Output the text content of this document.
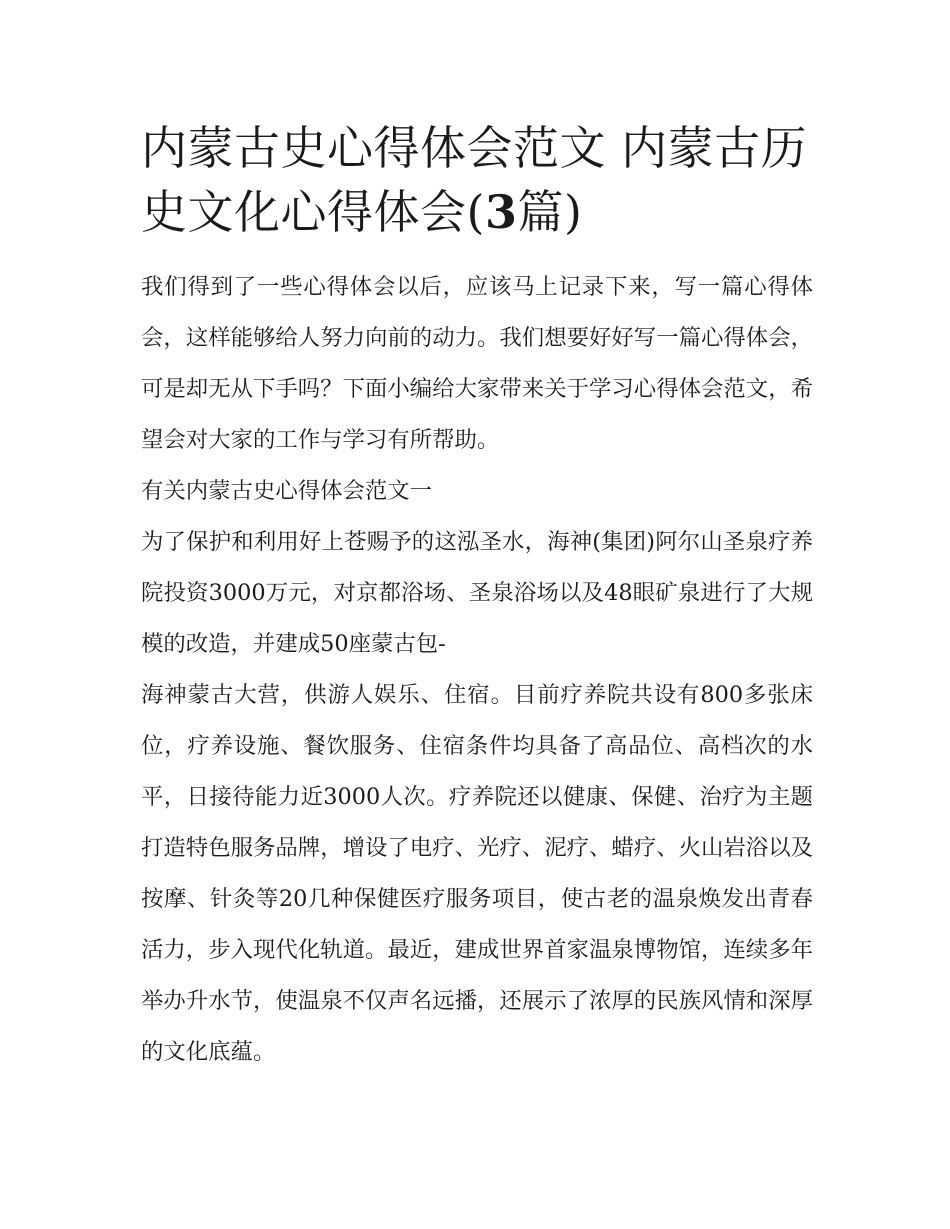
内蒙古史心得体会范文 内蒙古历史文化心得体会(3篇)

我们得到了一些心得体会以后，应该马上记录下来，写一篇心得体会，这样能够给人努力向前的动力。我们想要好好写一篇心得体会，可是却无从下手吗？下面小编给大家带来关于学习心得体会范文，希望会对大家的工作与学习有所帮助。

有关内蒙古史心得体会范文一

为了保护和利用好上苍赐予的这泓圣水，海神(集团)阿尔山圣泉疗养院投资3000万元，对京都浴场、圣泉浴场以及48眼矿泉进行了大规模的改造，并建成50座蒙古包-

海神蒙古大营，供游人娱乐、住宿。目前疗养院共设有800多张床位，疗养设施、餐饮服务、住宿条件均具备了高品位、高档次的水平，日接待能力近3000人次。疗养院还以健康、保健、治疗为主题打造特色服务品牌，增设了电疗、光疗、泥疗、蜡疗、火山岩浴以及按摩、针灸等20几种保健医疗服务项目，使古老的温泉焕发出青春活力，步入现代化轨道。最近，建成世界首家温泉博物馆，连续多年举办升水节，使温泉不仅声名远播，还展示了浓厚的民族风情和深厚的文化底蕴。
